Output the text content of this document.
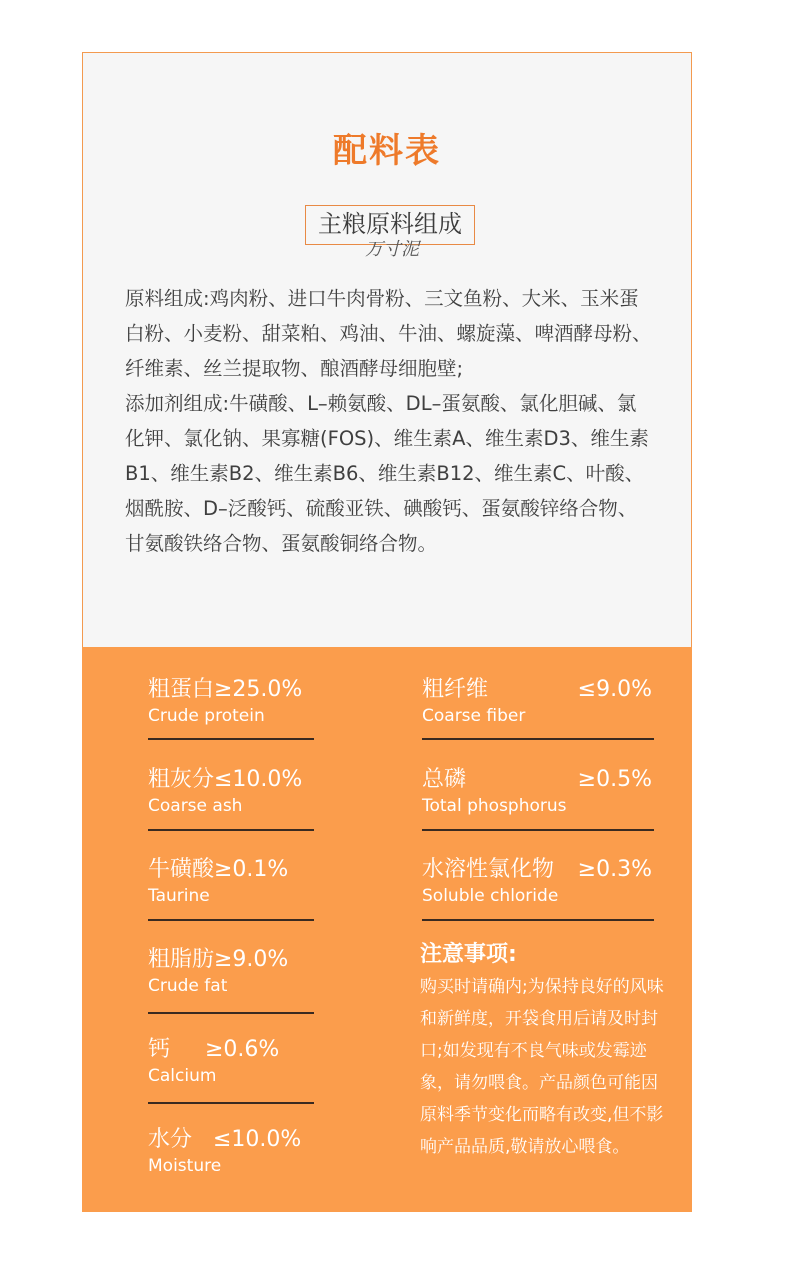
配料表
主粮原料组成
万寸泥

原料组成:鸡肉粉、进口牛肉骨粉、三文鱼粉、大米、玉米蛋白粉、小麦粉、甜菜粕、鸡油、牛油、螺旋藻、啤酒酵母粉、纤维素、丝兰提取物、酿酒酵母细胞壁;

添加剂组成:牛磺酸、L–赖氨酸、DL–蛋氨酸、氯化胆碱、氯化钾、氯化钠、果寡糖(FOS)、维生素A、维生素D3、维生素B1、维生素B2、维生素B6、维生素B12、维生素C、叶酸、烟酰胺、D–泛酸钙、硫酸亚铁、碘酸钙、蛋氨酸锌络合物、甘氨酸铁络合物、蛋氨酸铜络合物。

粗蛋白≥25.0%
Crude protein
粗灰分≤10.0%
Coarse ash
牛磺酸≥0.1%
Taurine
粗脂肪≥9.0%
Crude fat
钙     ≥0.6%
Calcium
水分   ≤10.0%
Moisture
粗纤维	≤9.0%
Coarse fiber
总磷	≥0.5%
Total phosphorus
水溶性氯化物 ≥0.3%
Soluble chloride
注意事项:
购买时请确内;为保持良好的风味和新鲜度，开袋食用后请及时封口;如发现有不良气味或发霉迹象，请勿喂食。产品颜色可能因原料季节变化而略有改变,但不影响产品品质,敬请放心喂食。
